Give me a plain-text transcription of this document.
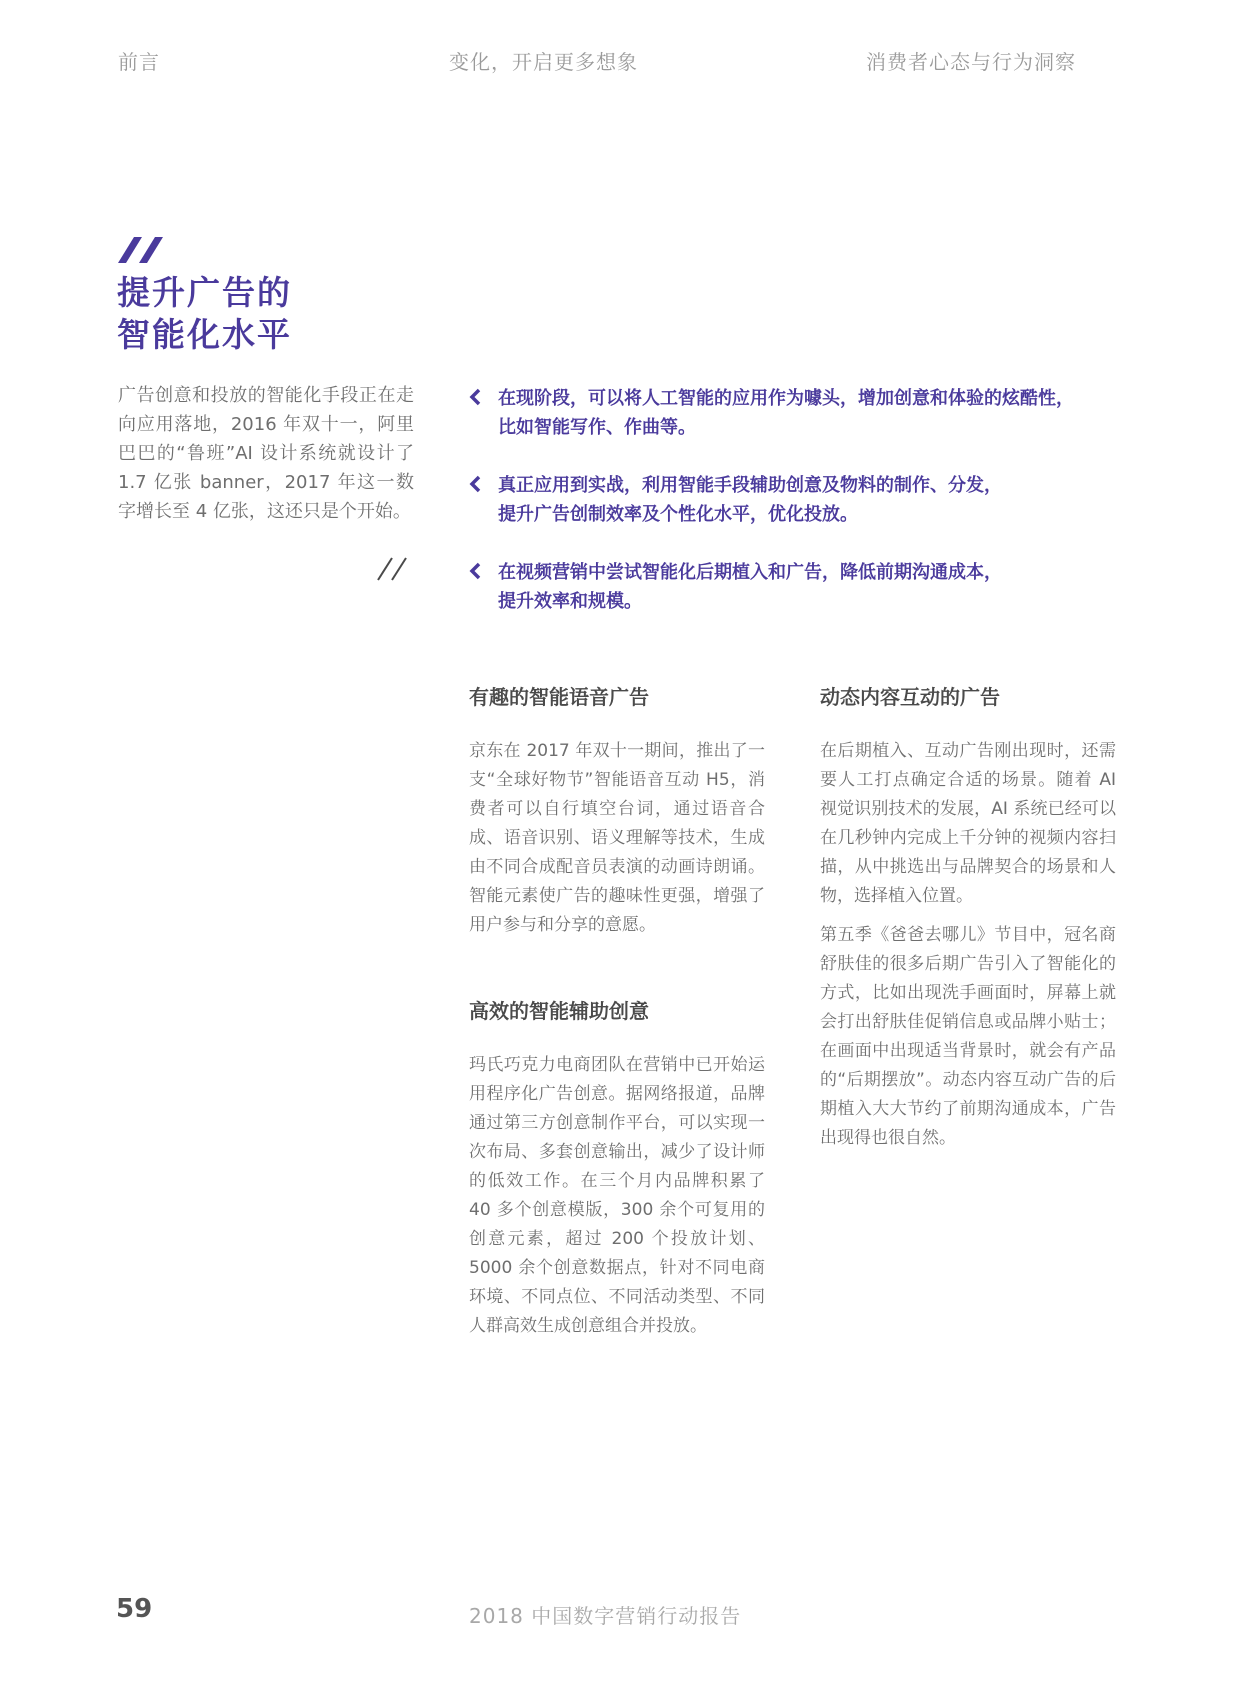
前言	变化，开启更多想象	消费者心态与行为洞察
提升广告的
智能化水平
广告创意和投放的智能化手段正在走向应用落地，2016 年双十一，阿里巴巴的“鲁班”AI 设计系统就设计了 1.7 亿张 banner，2017 年这一数字增长至 4 亿张，这还只是个开始。
在现阶段，可以将人工智能的应用作为噱头，增加创意和体验的炫酷性，
比如智能写作、作曲等。
真正应用到实战，利用智能手段辅助创意及物料的制作、分发，
提升广告创制效率及个性化水平，优化投放。
在视频营销中尝试智能化后期植入和广告，降低前期沟通成本，
提升效率和规模。
有趣的智能语音广告

京东在 2017 年双十一期间，推出了一支“全球好物节”智能语音互动 H5，消费者可以自行填空台词，通过语音合成、语音识别、语义理解等技术，生成由不同合成配音员表演的动画诗朗诵。智能元素使广告的趣味性更强，增强了用户参与和分享的意愿。

高效的智能辅助创意

玛氏巧克力电商团队在营销中已开始运用程序化广告创意。据网络报道，品牌通过第三方创意制作平台，可以实现一次布局、多套创意输出，减少了设计师的低效工作。在三个月内品牌积累了 40 多个创意模版，300 余个可复用的创意元素，超过 200 个投放计划、5000 余个创意数据点，针对不同电商环境、不同点位、不同活动类型、不同人群高效生成创意组合并投放。

动态内容互动的广告

在后期植入、互动广告刚出现时，还需要人工打点确定合适的场景。随着 AI 视觉识别技术的发展，AI 系统已经可以在几秒钟内完成上千分钟的视频内容扫描，从中挑选出与品牌契合的场景和人物，选择植入位置。

第五季《爸爸去哪儿》节目中，冠名商舒肤佳的很多后期广告引入了智能化的方式，比如出现洗手画面时，屏幕上就会打出舒肤佳促销信息或品牌小贴士；在画面中出现适当背景时，就会有产品的“后期摆放”。动态内容互动广告的后期植入大大节约了前期沟通成本，广告出现得也很自然。

59	2018 中国数字营销行动报告
